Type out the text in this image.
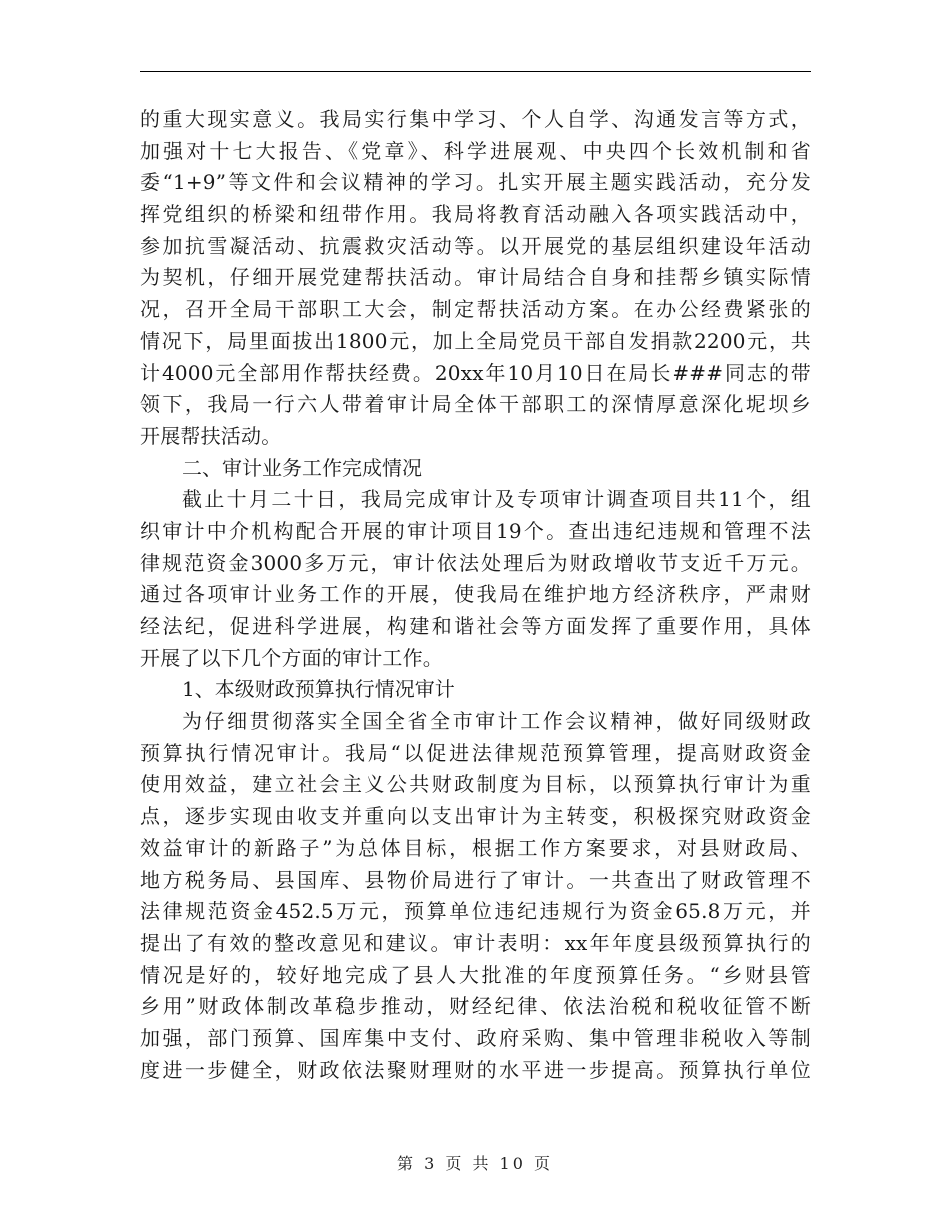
的重大现实意义。我局实行集中学习、个人自学、沟通发言等方式，
加强对十七大报告、《党章》、科学进展观、中央四个长效机制和省
委“1+9”等文件和会议精神的学习。扎实开展主题实践活动，充分发
挥党组织的桥梁和纽带作用。我局将教育活动融入各项实践活动中，
参加抗雪凝活动、抗震救灾活动等。以开展党的基层组织建设年活动
为契机，仔细开展党建帮扶活动。审计局结合自身和挂帮乡镇实际情
况，召开全局干部职工大会，制定帮扶活动方案。在办公经费紧张的
情况下，局里面拔出1800元，加上全局党员干部自发捐款2200元，共
计4000元全部用作帮扶经费。20xx年10月10日在局长###同志的带
领下，我局一行六人带着审计局全体干部职工的深情厚意深化坭坝乡
开展帮扶活动。
二、审计业务工作完成情况
截止十月二十日，我局完成审计及专项审计调查项目共11个，组
织审计中介机构配合开展的审计项目19个。查出违纪违规和管理不法
律规范资金3000多万元，审计依法处理后为财政增收节支近千万元。
通过各项审计业务工作的开展，使我局在维护地方经济秩序，严肃财
经法纪，促进科学进展，构建和谐社会等方面发挥了重要作用，具体
开展了以下几个方面的审计工作。
1、本级财政预算执行情况审计
为仔细贯彻落实全国全省全市审计工作会议精神，做好同级财政
预算执行情况审计。我局“以促进法律规范预算管理，提高财政资金
使用效益，建立社会主义公共财政制度为目标，以预算执行审计为重
点，逐步实现由收支并重向以支出审计为主转变，积极探究财政资金
效益审计的新路子”为总体目标，根据工作方案要求，对县财政局、
地方税务局、县国库、县物价局进行了审计。一共查出了财政管理不
法律规范资金452.5万元，预算单位违纪违规行为资金65.8万元，并
提出了有效的整改意见和建议。审计表明：xx年年度县级预算执行的
情况是好的，较好地完成了县人大批准的年度预算任务。“乡财县管
乡用”财政体制改革稳步推动，财经纪律、依法治税和税收征管不断
加强，部门预算、国库集中支付、政府采购、集中管理非税收入等制
度进一步健全，财政依法聚财理财的水平进一步提高。预算执行单位
第 3 页 共 10 页
